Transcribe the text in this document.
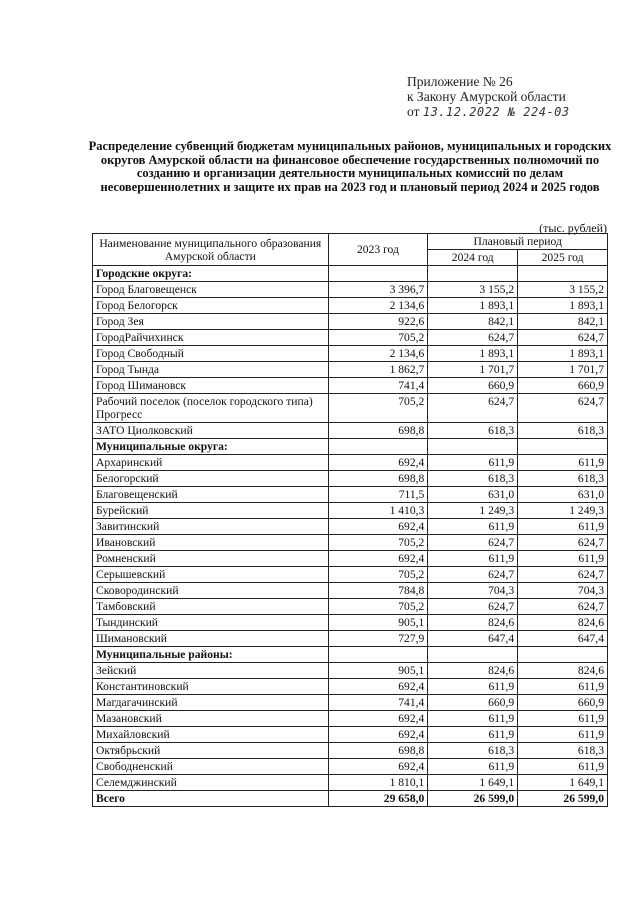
Приложение № 26
к Закону Амурской области
от 13.12.2022 № 224-03
Распределение субвенций бюджетам муниципальных районов, муниципальных и городских округов Амурской области на финансовое обеспечение государственных полномочий по созданию и организации деятельности муниципальных комиссий по делам несовершеннолетних и защите их прав на 2023 год и плановый период 2024 и 2025 годов
(тыс. рублей)
Наименование муниципального образования Амурской области	2023 год	Плановый период	
		2024 год	2025 год
Городские округа:			
Город Благовещенск	3 396,7	3 155,2	3 155,2
Город Белогорск	2 134,6	1 893,1	1 893,1
Город Зея	922,6	842,1	842,1
ГородРайчихинск	705,2	624,7	624,7
Город Свободный	2 134,6	1 893,1	1 893,1
Город Тында	1 862,7	1 701,7	1 701,7
Город Шимановск	741,4	660,9	660,9
Рабочий поселок (поселок городского типа) Прогресс	705,2	624,7	624,7
ЗАТО Циолковский	698,8	618,3	618,3
Муниципальные округа:			
Архаринский	692,4	611,9	611,9
Белогорский	698,8	618,3	618,3
Благовещенский	711,5	631,0	631,0
Бурейский	1 410,3	1 249,3	1 249,3
Завитинский	692,4	611,9	611,9
Ивановский	705,2	624,7	624,7
Ромненский	692,4	611,9	611,9
Серышевский	705,2	624,7	624,7
Сковородинский	784,8	704,3	704,3
Тамбовский	705,2	624,7	624,7
Тындинский	905,1	824,6	824,6
Шимановский	727,9	647,4	647,4
Муниципальные районы:			
Зейский	905,1	824,6	824,6
Константиновский	692,4	611,9	611,9
Магдагачинский	741,4	660,9	660,9
Мазановский	692,4	611,9	611,9
Михайловский	692,4	611,9	611,9
Октябрьский	698,8	618,3	618,3
Свободненский	692,4	611,9	611,9
Селемджинский	1 810,1	1 649,1	1 649,1
Всего	29 658,0	26 599,0	26 599,0
